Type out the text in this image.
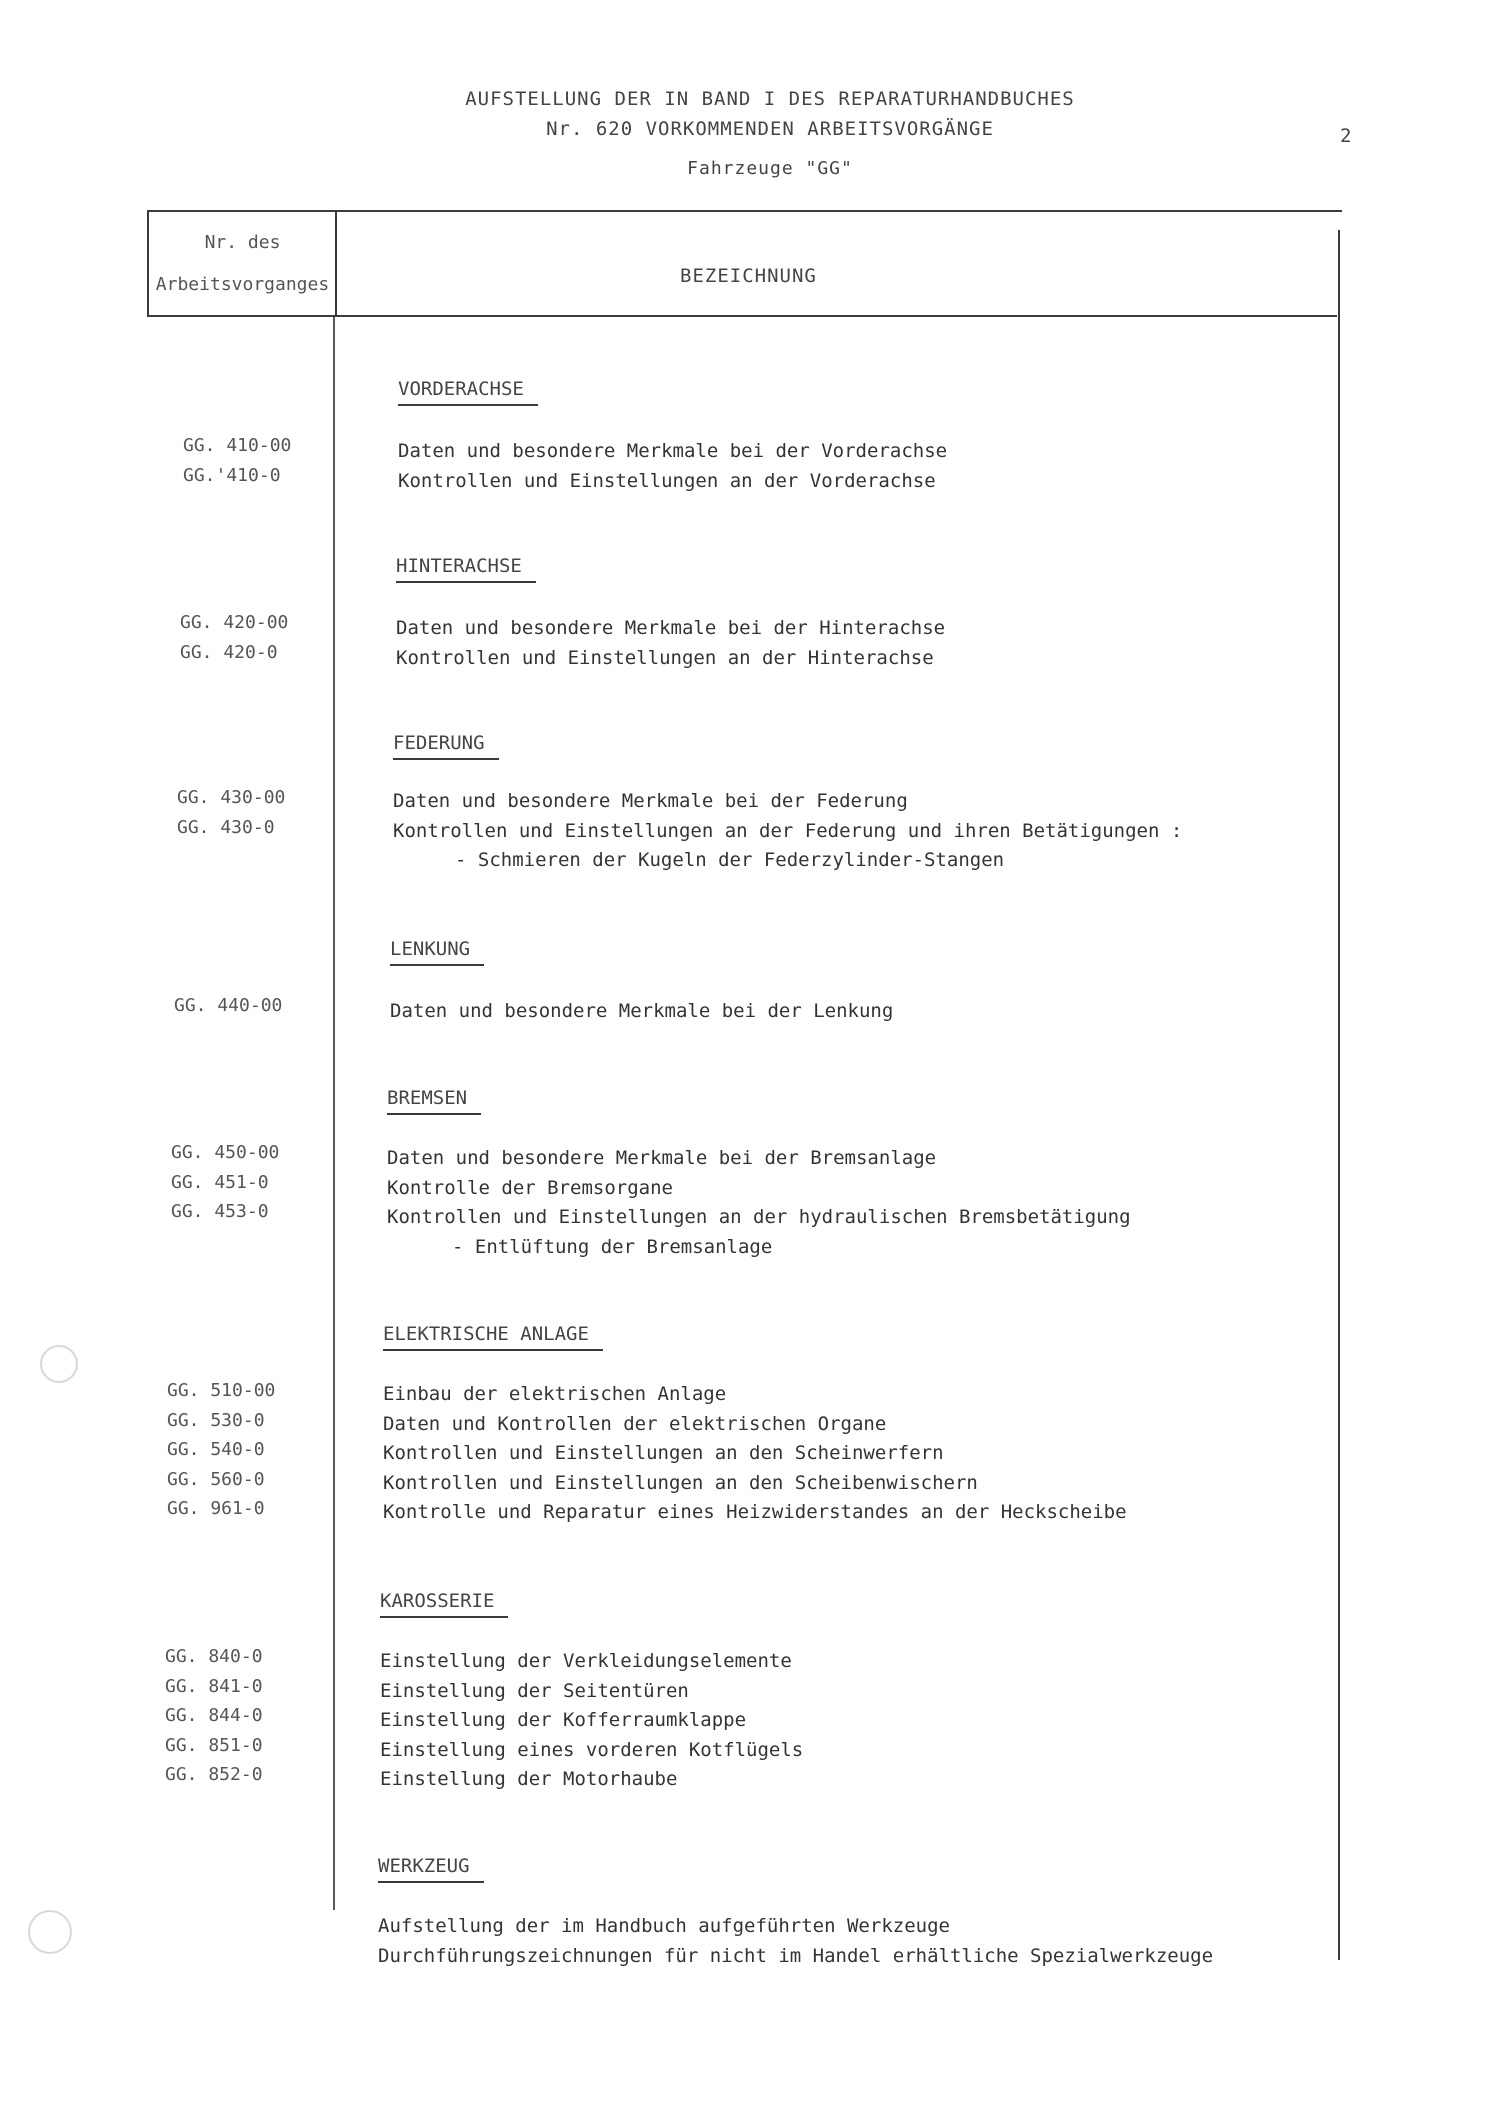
AUFSTELLUNG DER IN BAND I DES REPARATURHANDBUCHES
Nr. 620 VORKOMMENDEN ARBEITSVORGÄNGE
Fahrzeuge "GG"
2
Nr. des
Arbeitsvorganges	BEZEICHNUNG
VORDERACHSE
GG. 410-00
GG.'410-0
Daten und besondere Merkmale bei der Vorderachse
Kontrollen und Einstellungen an der Vorderachse
HINTERACHSE
GG. 420-00
GG. 420-0
Daten und besondere Merkmale bei der Hinterachse
Kontrollen und Einstellungen an der Hinterachse
FEDERUNG
GG. 430-00
GG. 430-0
Daten und besondere Merkmale bei der Federung
Kontrollen und Einstellungen an der Federung und ihren Betätigungen :
- Schmieren der Kugeln der Federzylinder-Stangen
LENKUNG
GG. 440-00	Daten und besondere Merkmale bei der Lenkung
BREMSEN
GG. 450-00
GG. 451-0
GG. 453-0
Daten und besondere Merkmale bei der Bremsanlage
Kontrolle der Bremsorgane
Kontrollen und Einstellungen an der hydraulischen Bremsbetätigung
- Entlüftung der Bremsanlage
ELEKTRISCHE ANLAGE
GG. 510-00
GG. 530-0
GG. 540-0
GG. 560-0
GG. 961-0
Einbau der elektrischen Anlage
Daten und Kontrollen der elektrischen Organe
Kontrollen und Einstellungen an den Scheinwerfern
Kontrollen und Einstellungen an den Scheibenwischern
Kontrolle und Reparatur eines Heizwiderstandes an der Heckscheibe
KAROSSERIE
GG. 840-0
GG. 841-0
GG. 844-0
GG. 851-0
GG. 852-0
Einstellung der Verkleidungselemente
Einstellung der Seitentüren
Einstellung der Kofferraumklappe
Einstellung eines vorderen Kotflügels
Einstellung der Motorhaube
WERKZEUG
Aufstellung der im Handbuch aufgeführten Werkzeuge
Durchführungszeichnungen für nicht im Handel erhältliche Spezialwerkzeuge
